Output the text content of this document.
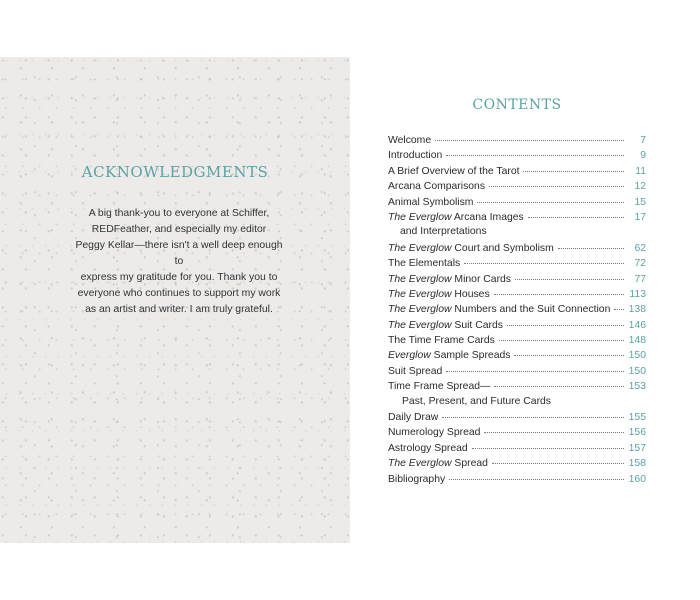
ACKNOWLEDGMENTS

A big thank-you to everyone at Schiffer,
REDFeather, and especially my editor
Peggy Kellar—there isn't a well deep enough to
express my gratitude for you. Thank you to
everyone who continues to support my work
as an artist and writer. I am truly grateful.

CONTENTS
Welcome	7
Introduction	9
A Brief Overview of the Tarot	11
Arcana Comparisons	12
Animal Symbolism	15
The Everglow Arcana Images	17
and Interpretations
The Everglow Court and Symbolism	62
The Elementals	72
The Everglow Minor Cards	77
The Everglow Houses	113
The Everglow Numbers and the Suit Connection 138
The Everglow Suit Cards	146
The Time Frame Cards	148
Everglow Sample Spreads	150
Suit Spread	150
Time Frame Spread—	153
Past, Present, and Future Cards
Daily Draw	155
Numerology Spread	156
Astrology Spread	157
The Everglow Spread	158
Bibliography	160
